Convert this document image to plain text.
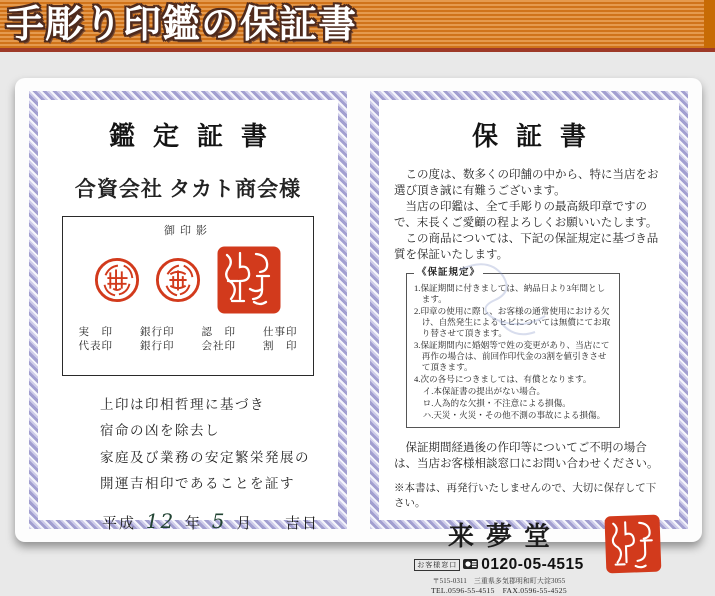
手彫り印鑑の保証書
鑑定証書

合資会社 タカト商会様

御印影

実　印
代表印
銀行印
銀行印
認　印
会社印
仕事印
割　印

上印は印相哲理に基づき

宿命の凶を除去し

家庭及び業務の安定繁栄発展の

開運吉相印であることを証す

平成 12 年 5 月 吉日

保証書

この度は、数多くの印舗の中から、特に当店をお選び頂き誠に有難うございます。

当店の印鑑は、全て手彫りの最高級印章ですので、末長くご愛顧の程よろしくお願いいたします。

この商品については、下記の保証規定に基づき品質を保証いたします。

《保証規定》

1.保証期間に付きましては、納品日より3年間とします。

2.印章の使用に際し、お客様の通常使用における欠け、自然発生によるヒビについては無償にてお取り替させて頂きます。

3.保証期間内に婚姻等で姓の変更があり、当店にて再作の場合は、前回作印代金の3割を値引きさせて頂きます。

4.次の各号につきましては、有償となります。

イ.本保証書の提出がない場合。

ロ.人為的な欠損・不注意による損傷。

ハ.天災・火災・その他不測の事故による損傷。

保証期間経過後の作印等についてご不明の場合は、当店お客様相談窓口にお問い合わせください。

※本書は、再発行いたしませんので、大切に保存して下さい。

来夢堂

お客様窓口 0120-05-4515
〒515-0311　三重県多気郡明和町大淀3055
TEL.0596-55-4515　FAX.0596-55-4525
